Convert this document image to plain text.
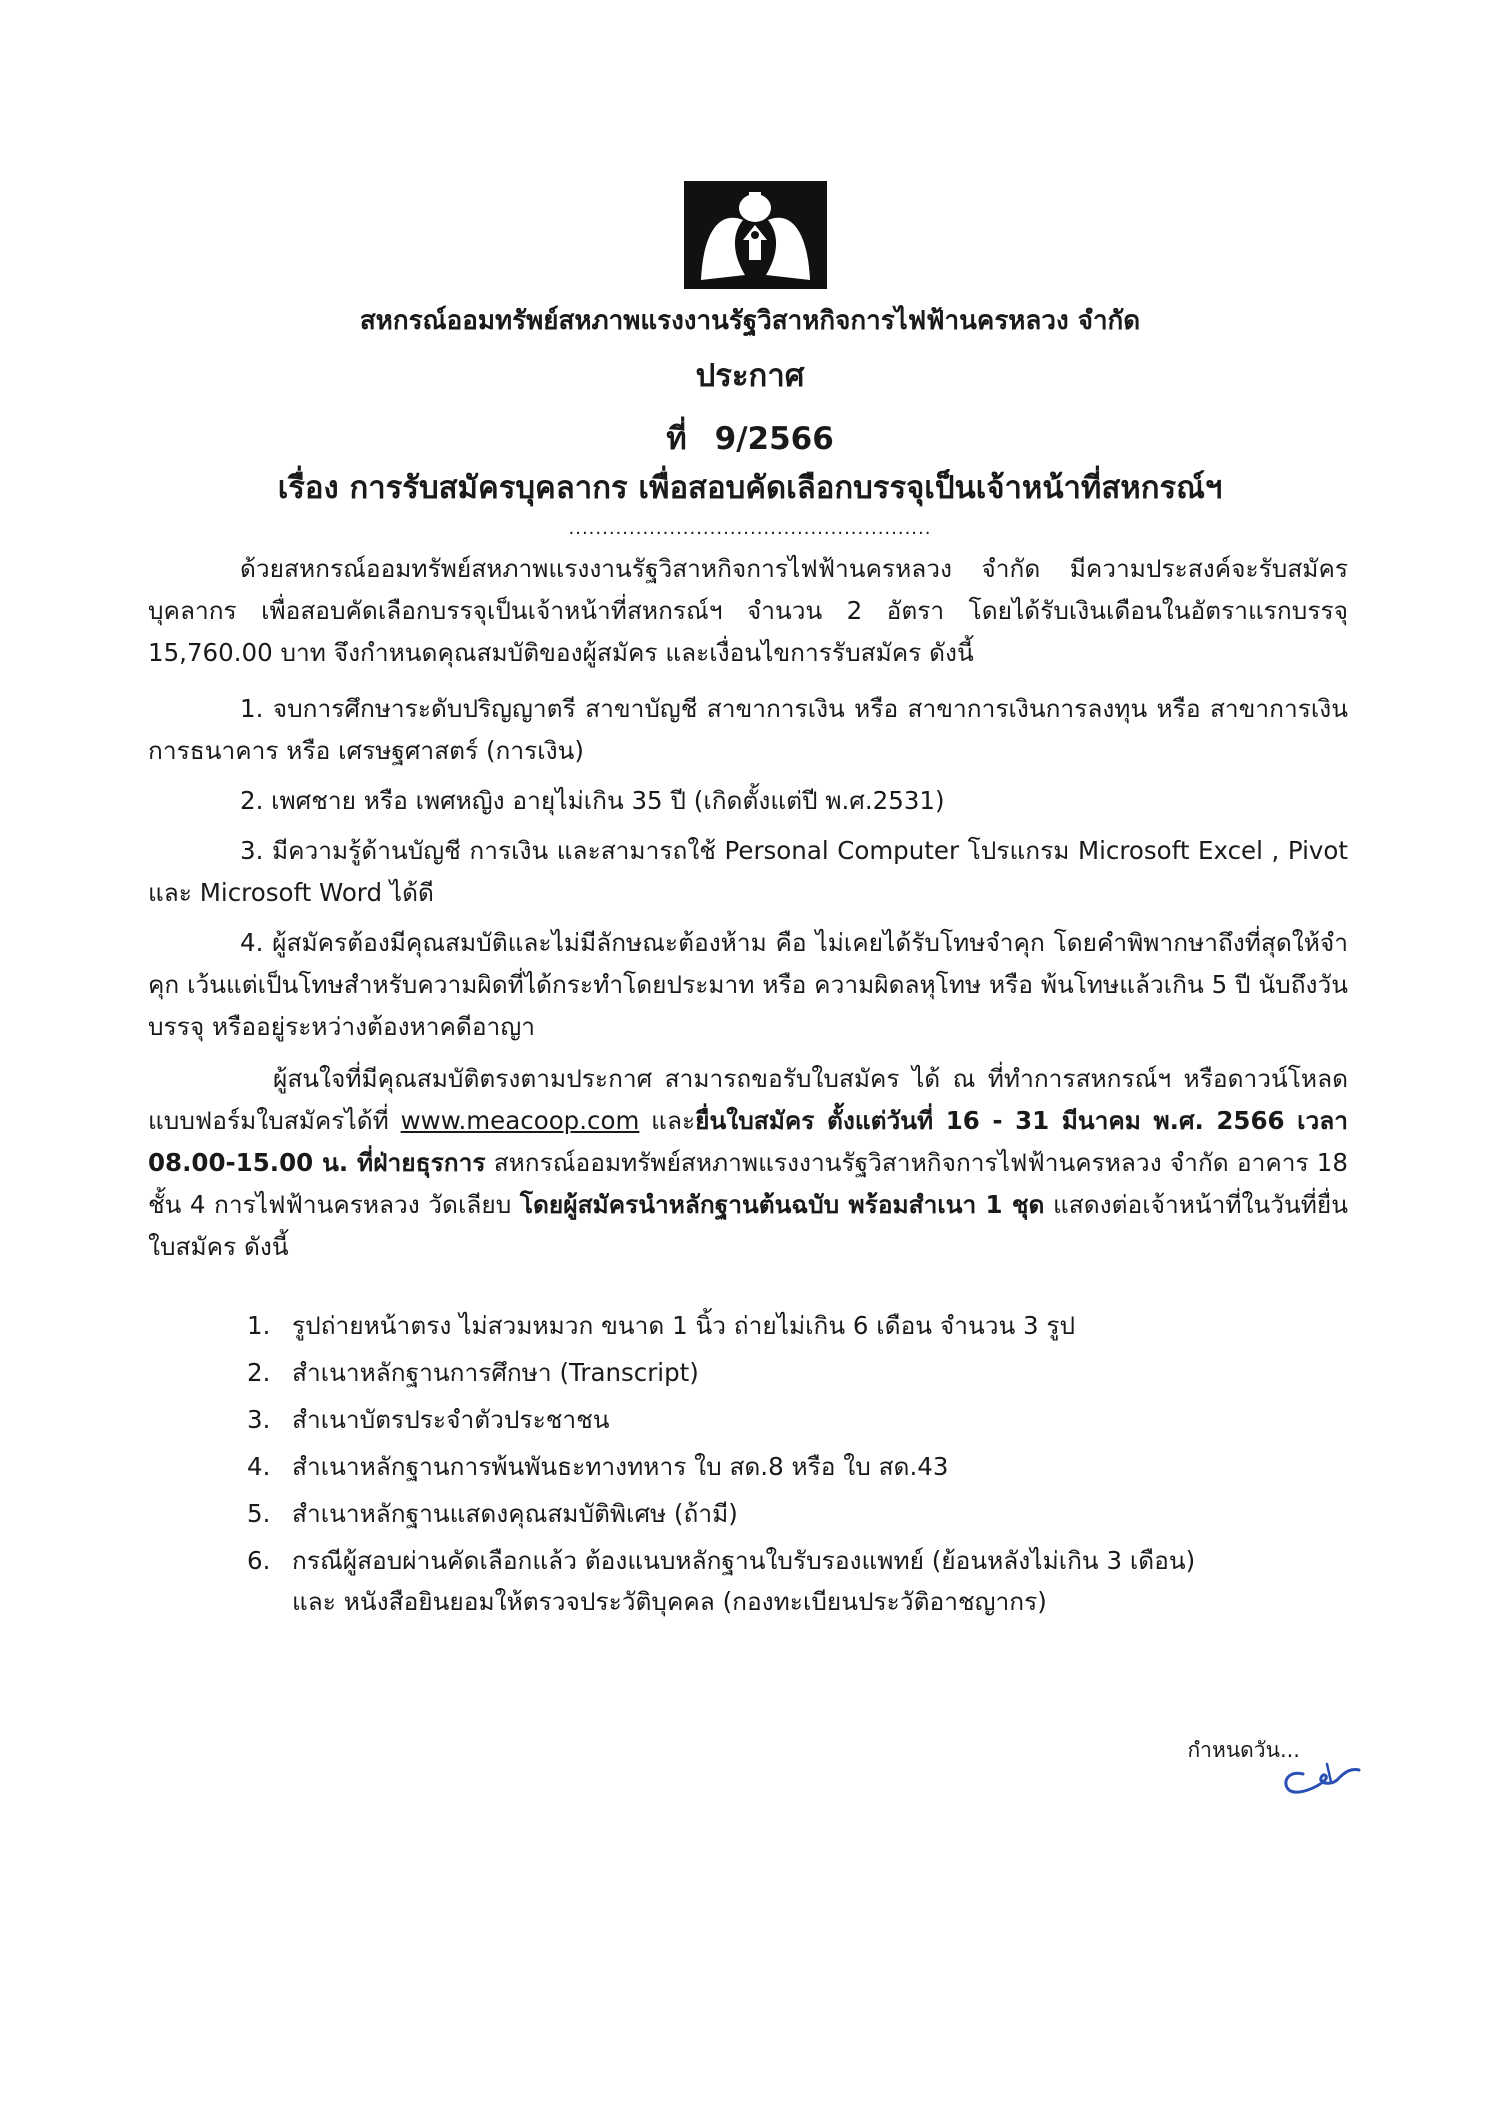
สหกรณ์ออมทรัพย์สหภาพแรงงานรัฐวิสาหกิจการไฟฟ้านครหลวง จำกัด
ประกาศ
ที่ 9/2566
เรื่อง การรับสมัครบุคลากร เพื่อสอบคัดเลือกบรรจุเป็นเจ้าหน้าที่สหกรณ์ฯ
......................................................

ด้วยสหกรณ์ออมทรัพย์สหภาพแรงงานรัฐวิสาหกิจการไฟฟ้านครหลวง จำกัด มีความประสงค์จะรับสมัครบุคลากร เพื่อสอบคัดเลือกบรรจุเป็นเจ้าหน้าที่สหกรณ์ฯ จำนวน 2 อัตรา โดยได้รับเงินเดือนในอัตราแรกบรรจุ 15,760.00 บาท จึงกำหนดคุณสมบัติของผู้สมัคร และเงื่อนไขการรับสมัคร ดังนี้

1. จบการศึกษาระดับปริญญาตรี สาขาบัญชี สาขาการเงิน หรือ สาขาการเงินการลงทุน หรือ สาขาการเงินการธนาคาร หรือ เศรษฐศาสตร์ (การเงิน)

2. เพศชาย หรือ เพศหญิง อายุไม่เกิน 35 ปี (เกิดตั้งแต่ปี พ.ศ.2531)

3. มีความรู้ด้านบัญชี การเงิน และสามารถใช้ Personal Computer โปรแกรม Microsoft Excel , Pivot และ Microsoft Word ได้ดี

4. ผู้สมัครต้องมีคุณสมบัติและไม่มีลักษณะต้องห้าม คือ ไม่เคยได้รับโทษจำคุก โดยคำพิพากษาถึงที่สุดให้จำคุก เว้นแต่เป็นโทษสำหรับความผิดที่ได้กระทำโดยประมาท หรือ ความผิดลหุโทษ หรือ พ้นโทษแล้วเกิน 5 ปี นับถึงวันบรรจุ หรืออยู่ระหว่างต้องหาคดีอาญา

ผู้สนใจที่มีคุณสมบัติตรงตามประกาศ สามารถขอรับใบสมัคร ได้ ณ ที่ทำการสหกรณ์ฯ หรือดาวน์โหลดแบบฟอร์มใบสมัครได้ที่ www.meacoop.com และยื่นใบสมัคร ตั้งแต่วันที่ 16 - 31 มีนาคม พ.ศ. 2566 เวลา 08.00-15.00 น. ที่ฝ่ายธุรการ สหกรณ์ออมทรัพย์สหภาพแรงงานรัฐวิสาหกิจการไฟฟ้านครหลวง จำกัด อาคาร 18 ชั้น 4 การไฟฟ้านครหลวง วัดเลียบ โดยผู้สมัครนำหลักฐานต้นฉบับ พร้อมสำเนา 1 ชุด แสดงต่อเจ้าหน้าที่ในวันที่ยื่นใบสมัคร ดังนี้

1. รูปถ่ายหน้าตรง ไม่สวมหมวก ขนาด 1 นิ้ว ถ่ายไม่เกิน 6 เดือน จำนวน 3 รูป
2. สำเนาหลักฐานการศึกษา (Transcript)
3. สำเนาบัตรประจำตัวประชาชน
4. สำเนาหลักฐานการพ้นพันธะทางทหาร ใบ สด.8 หรือ ใบ สด.43
5. สำเนาหลักฐานแสดงคุณสมบัติพิเศษ (ถ้ามี)
6. กรณีผู้สอบผ่านคัดเลือกแล้ว ต้องแนบหลักฐานใบรับรองแพทย์ (ย้อนหลังไม่เกิน 3 เดือน)
และ หนังสือยินยอมให้ตรวจประวัติบุคคล (กองทะเบียนประวัติอาชญากร)
กำหนดวัน...
